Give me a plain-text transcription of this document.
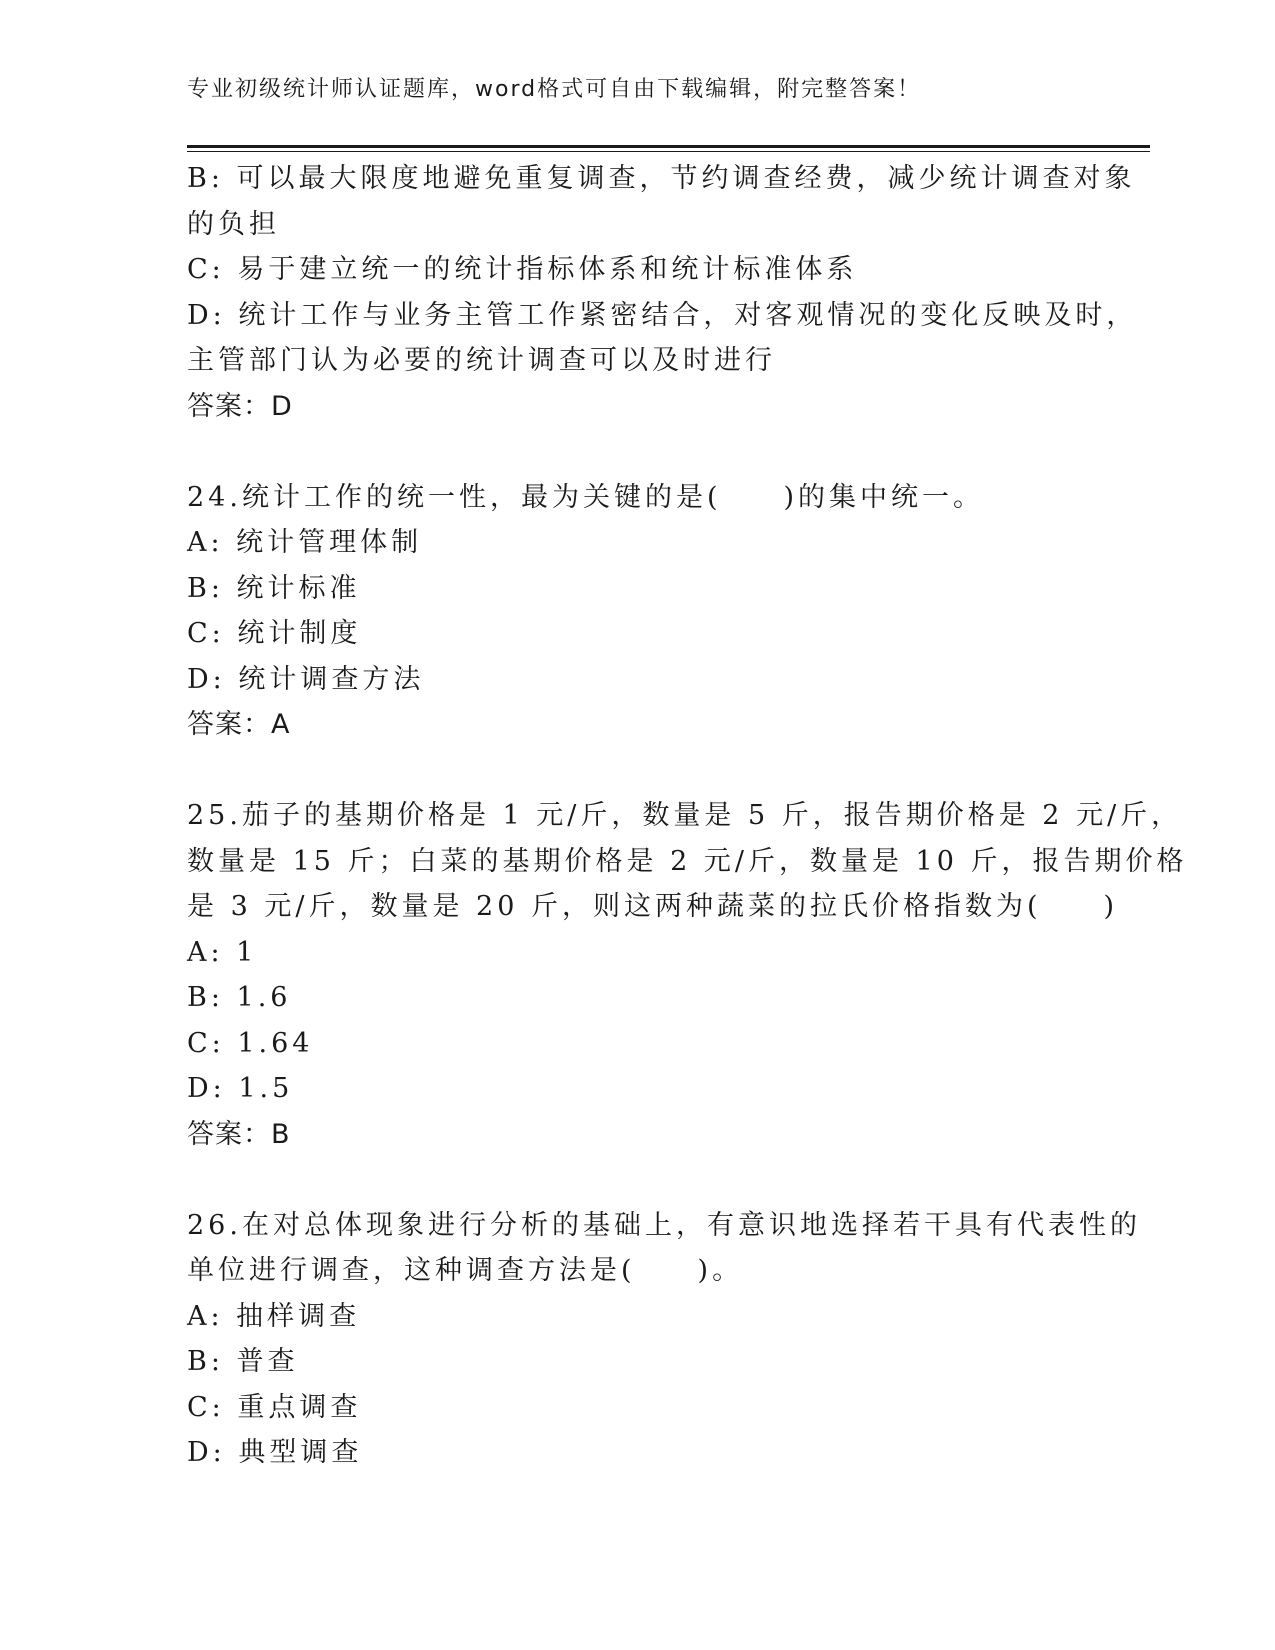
专业初级统计师认证题库，word格式可自由下载编辑，附完整答案！
B: 可以最大限度地避免重复调查，节约调查经费，减少统计调查对象
的负担
C: 易于建立统一的统计指标体系和统计标准体系
D: 统计工作与业务主管工作紧密结合，对客观情况的变化反映及时，
主管部门认为必要的统计调查可以及时进行
答案：D
24.统计工作的统一性，最为关键的是(　　)的集中统一。
A: 统计管理体制
B: 统计标准
C: 统计制度
D: 统计调查方法
答案：A
25.茄子的基期价格是 1 元/斤，数量是 5 斤，报告期价格是 2 元/斤，
数量是 15 斤；白菜的基期价格是 2 元/斤，数量是 10 斤，报告期价格
是 3 元/斤，数量是 20 斤，则这两种蔬菜的拉氏价格指数为(　　)
A: 1
B: 1.6
C: 1.64
D: 1.5
答案：B
26.在对总体现象进行分析的基础上，有意识地选择若干具有代表性的
单位进行调查，这种调查方法是(　　)。
A: 抽样调查
B: 普查
C: 重点调查
D: 典型调查
